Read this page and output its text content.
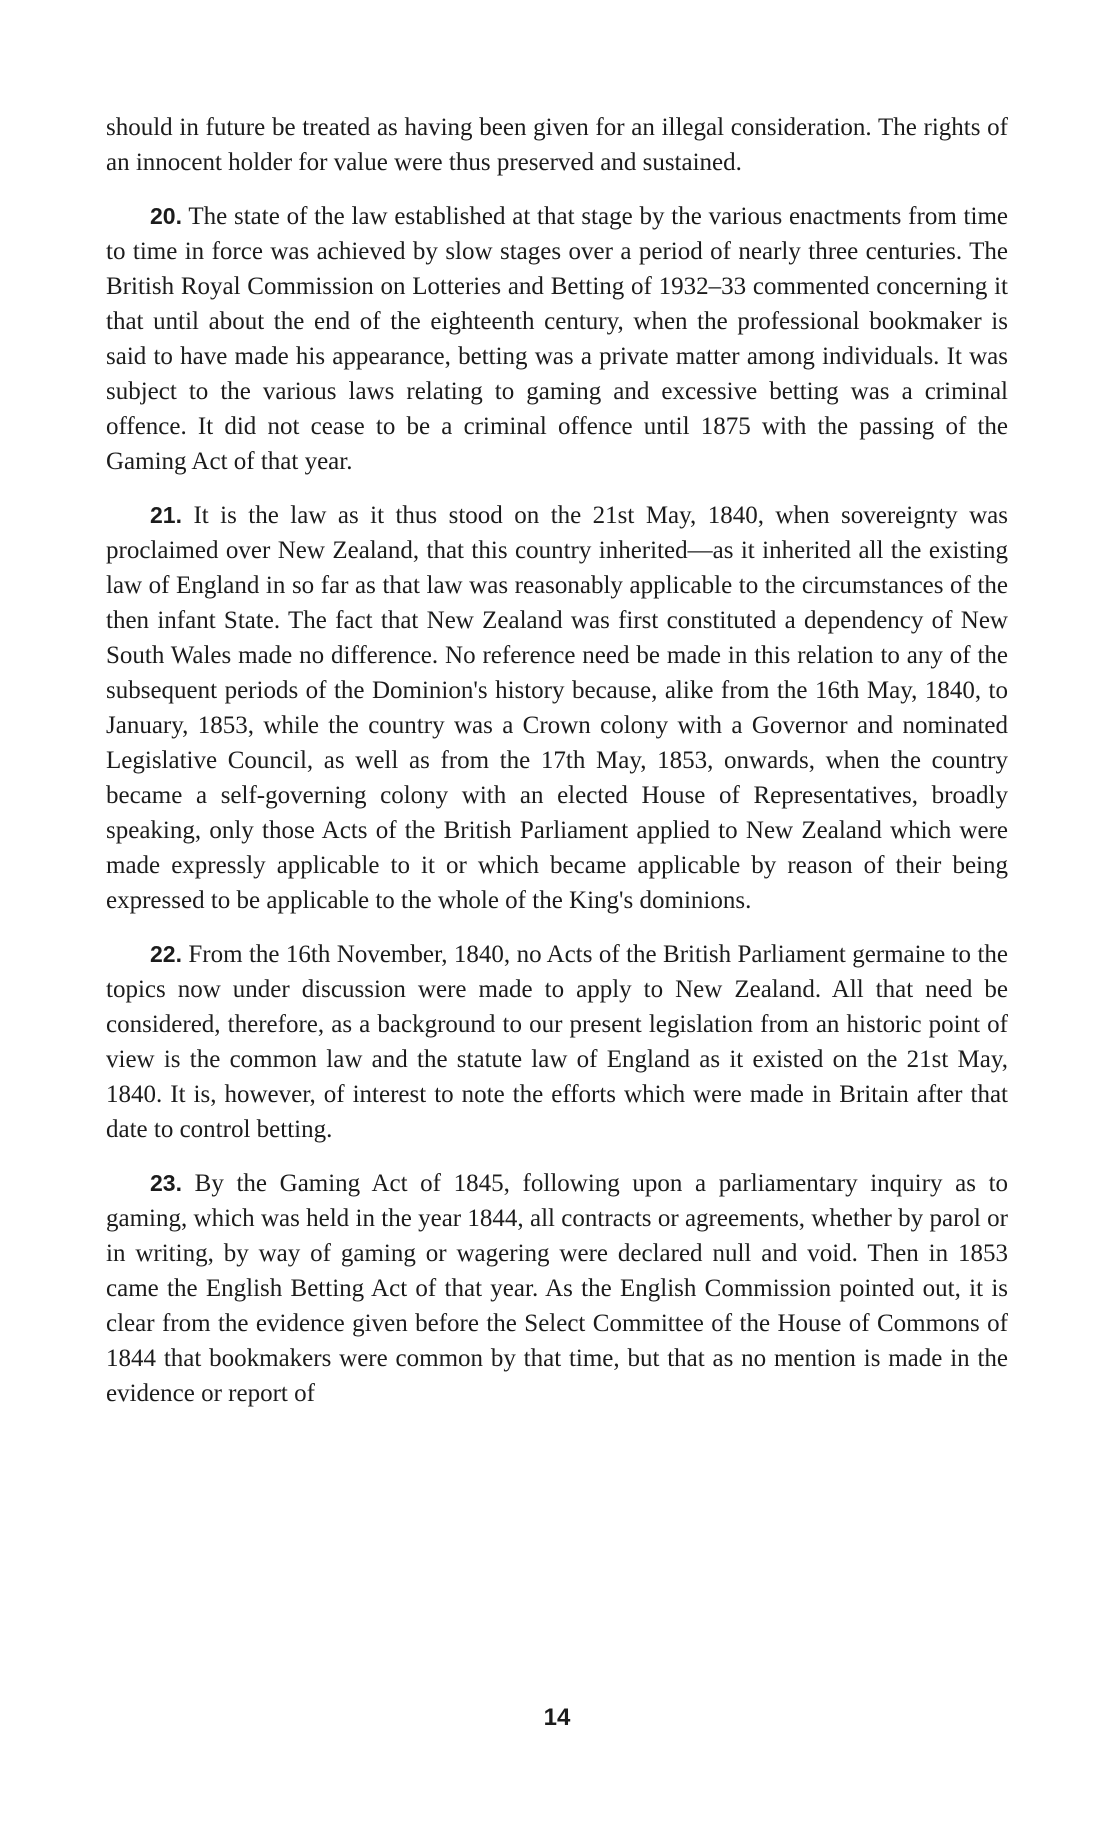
should in future be treated as having been given for an illegal consideration. The rights of an innocent holder for value were thus preserved and sustained.

20. The state of the law established at that stage by the various enactments from time to time in force was achieved by slow stages over a period of nearly three centuries. The British Royal Commission on Lotteries and Betting of 1932–33 commented concerning it that until about the end of the eighteenth century, when the professional bookmaker is said to have made his appearance, betting was a private matter among individuals. It was subject to the various laws relating to gaming and excessive betting was a criminal offence. It did not cease to be a criminal offence until 1875 with the passing of the Gaming Act of that year.

21. It is the law as it thus stood on the 21st May, 1840, when sovereignty was proclaimed over New Zealand, that this country inherited—as it inherited all the existing law of England in so far as that law was reasonably applicable to the circumstances of the then infant State. The fact that New Zealand was first constituted a dependency of New South Wales made no difference. No reference need be made in this relation to any of the subsequent periods of the Dominion's history because, alike from the 16th May, 1840, to January, 1853, while the country was a Crown colony with a Governor and nominated Legislative Council, as well as from the 17th May, 1853, onwards, when the country became a self-governing colony with an elected House of Representatives, broadly speaking, only those Acts of the British Parliament applied to New Zealand which were made expressly applicable to it or which became applicable by reason of their being expressed to be applicable to the whole of the King's dominions.

22. From the 16th November, 1840, no Acts of the British Parliament germaine to the topics now under discussion were made to apply to New Zealand. All that need be considered, therefore, as a background to our present legislation from an historic point of view is the common law and the statute law of England as it existed on the 21st May, 1840. It is, however, of interest to note the efforts which were made in Britain after that date to control betting.

23. By the Gaming Act of 1845, following upon a parliamentary inquiry as to gaming, which was held in the year 1844, all contracts or agreements, whether by parol or in writing, by way of gaming or wagering were declared null and void. Then in 1853 came the English Betting Act of that year. As the English Commission pointed out, it is clear from the evidence given before the Select Committee of the House of Commons of 1844 that bookmakers were common by that time, but that as no mention is made in the evidence or report of

14
